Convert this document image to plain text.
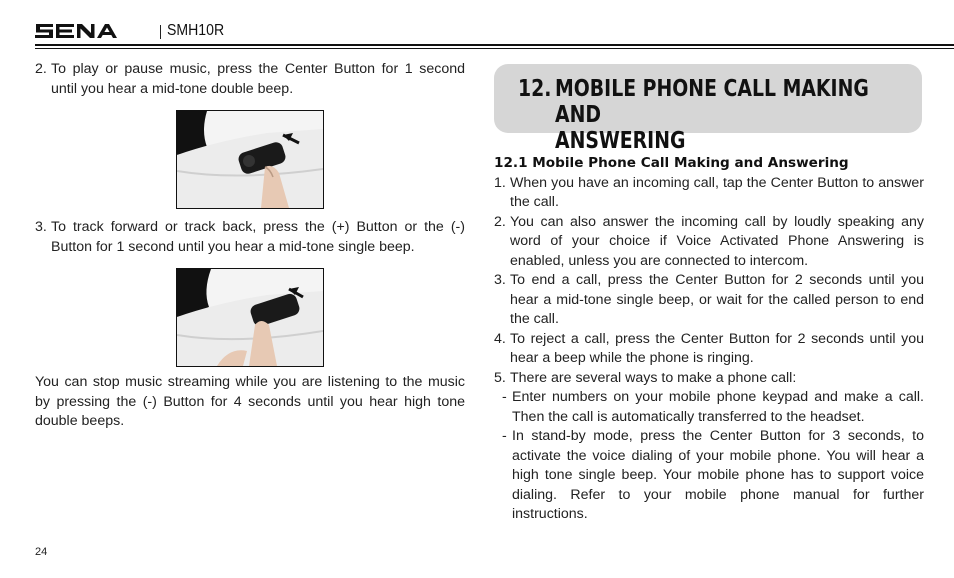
SMH10R
2. To play or pause music, press the Center Button for 1 second until you hear a mid-tone double beep.
3. To track forward or track back, press the (+) Button or the (-) Button for 1 second until you hear a mid-tone single beep.
You can stop music streaming while you are listening to the music by pressing the (-) Button for 4 seconds until you hear high tone double beeps.
12. MOBILE PHONE CALL MAKING AND
ANSWERING
12.1 Mobile Phone Call Making and Answering
1. When you have an incoming call, tap the Center Button to answer the call.
2. You can also answer the incoming call by loudly speaking any word of your choice if Voice Activated Phone Answering is enabled, unless you are connected to intercom.
3. To end a call, press the Center Button for 2 seconds until you hear a mid-tone single beep, or wait for the called person to end the call.
4. To reject a call, press the Center Button for 2 seconds until you hear a beep while the phone is ringing.
5. There are several ways to make a phone call:
- Enter numbers on your mobile phone keypad and make a call. Then the call is automatically transferred to the headset.
- In stand-by mode, press the Center Button for 3 seconds, to activate the voice dialing of your mobile phone. You will hear a high tone single beep. Your mobile phone has to support voice dialing. Refer to your mobile phone manual for further instructions.
24
